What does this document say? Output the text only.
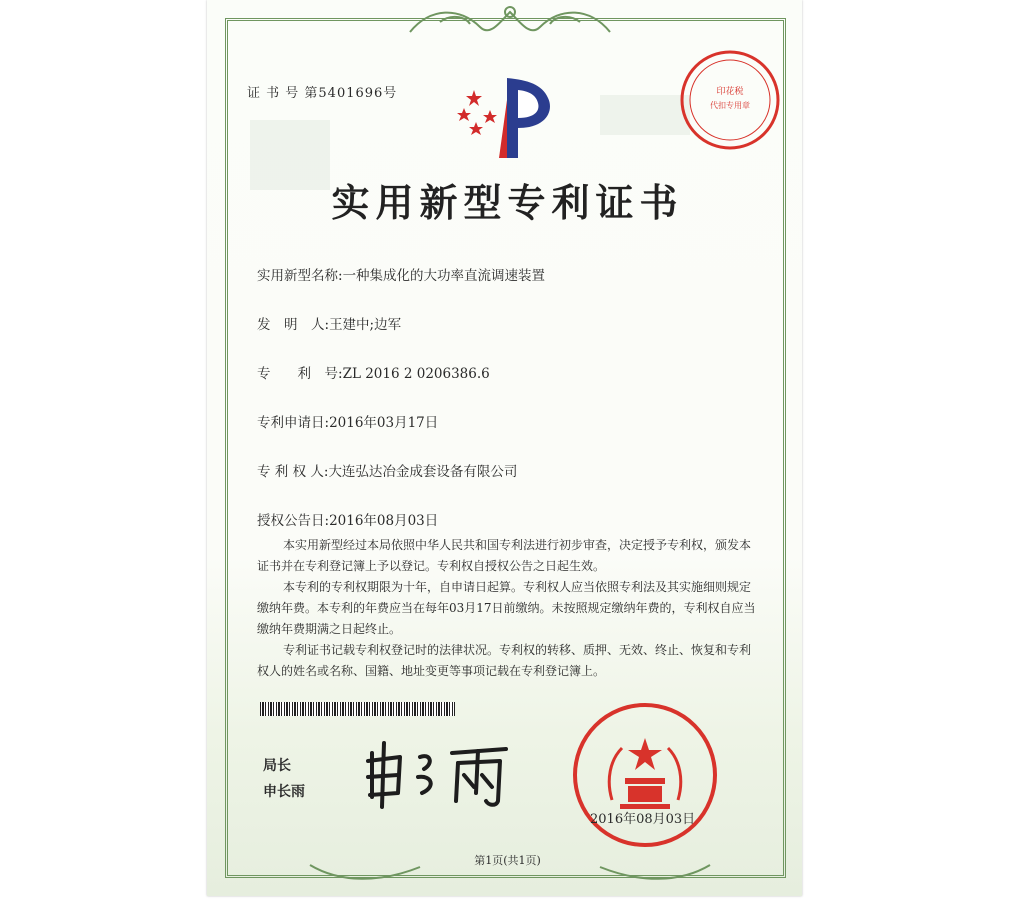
证 书 号 第5401696号	印花税
代扣专用章
实用新型专利证书
实用新型名称:一种集成化的大功率直流调速装置
发　明　人:王建中;边军
专　　利　号:ZL 2016 2 0206386.6
专利申请日:2016年03月17日
专 利 权 人:大连弘达冶金成套设备有限公司
授权公告日:2016年08月03日

本实用新型经过本局依照中华人民共和国专利法进行初步审查，决定授予专利权，颁发本证书并在专利登记簿上予以登记。专利权自授权公告之日起生效。

本专利的专利权期限为十年，自申请日起算。专利权人应当依照专利法及其实施细则规定缴纳年费。本专利的年费应当在每年03月17日前缴纳。未按照规定缴纳年费的，专利权自应当缴纳年费期满之日起终止。

专利证书记载专利权登记时的法律状况。专利权的转移、质押、无效、终止、恢复和专利权人的姓名或名称、国籍、地址变更等事项记载在专利登记簿上。

局长
申长雨
2016年08月03日
第1页(共1页)
